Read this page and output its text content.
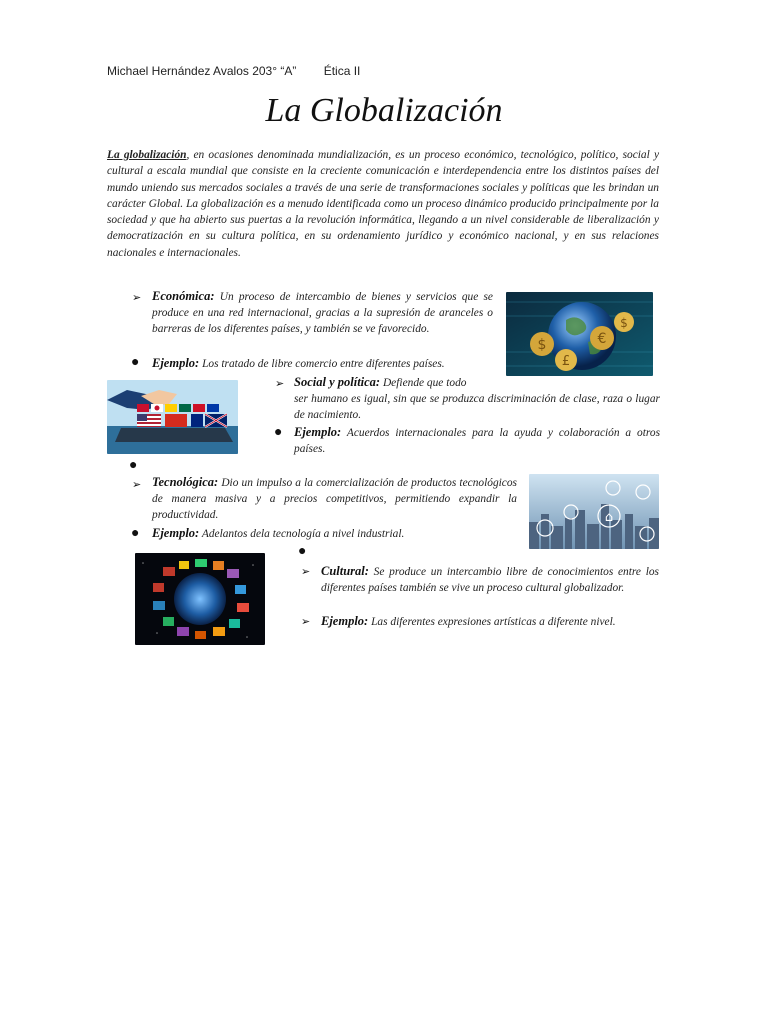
Michael Hernández Avalos 203° “A” Ética II
La Globalización
La globalización, en ocasiones denominada mundialización, es un proceso económico, tecnológico, político, social y cultural a escala mundial que consiste en la creciente comunicación e interdependencia entre los distintos países del mundo uniendo sus mercados sociales a través de una serie de transformaciones sociales y políticas que les brindan un carácter Global. La globalización es a menudo identificada como un proceso dinámico producido principalmente por la sociedad y que ha abierto sus puertas a la revolución informática, llegando a un nivel considerable de liberalización y democratización en su cultura política, en su ordenamiento jurídico y económico nacional, y en sus relaciones nacionales e internacionales.
➢ Económica: Un proceso de intercambio de bienes y servicios que se produce en una red internacional, gracias a la supresión de aranceles o barreras de los diferentes países, y también se ve favorecido.
$
£
€
$
● Ejemplo: Los tratado de libre comercio entre diferentes países.
➢ Social y política: Defiende que todo
ser humano es igual, sin que se produzca discriminación de clase, raza o lugar de nacimiento.
● Ejemplo: Acuerdos internacionales para la ayuda y colaboración a otros países.
●
➢ Tecnológica: Dio un impulso a la comercialización de productos tecnológicos de manera masiva y a precios competitivos, permitiendo expandir la productividad.	⌂
● Ejemplo: Adelantos dela tecnología a nivel industrial.
●
➢ Cultural: Se produce un intercambio libre de conocimientos entre los diferentes países también se vive un proceso cultural globalizador.
➢ Ejemplo: Las diferentes expresiones artísticas a diferente nivel.
